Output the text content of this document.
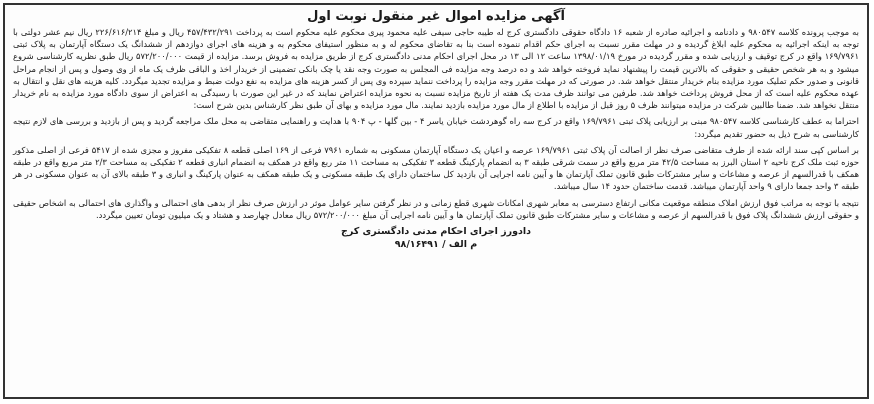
آگهی مزایده اموال غیر منقول نوبت اول

به موجب پرونده کلاسه ۹۸۰۵۴۷ و دادنامه و اجرائیه صادره از شعبه ۱۶ دادگاه حقوقی دادگستری کرج له طیبه حاجی سیفی علیه محمود پیری محکوم علیه محکوم است به پرداخت ۴۵۷/۴۳۲/۲۹۱ ریال و مبلغ ۲۲۶/۶۱۶/۲۱۴ ریال نیم عشر دولتی با توجه به اینکه اجرائیه به محکوم علیه ابلاغ گردیده و در مهلت مقرر نسبت به اجرای حکم اقدام ننموده است بنا به تقاضای محکوم له و به منظور استیفای محکوم به و هزینه های اجرای دوازدهم از ششدانگ یک دستگاه آپارتمان به پلاک ثبتی ۱۶۹/۷۹۶۱ واقع در کرج توقیف و ارزیابی شده و مقرر گردیده در مورخ ۱۳۹۸/۰۱/۱۹ ساعت ۱۲ الی ۱۳ در محل اجرای احکام مدنی دادگستری کرج از طریق مزایده به فروش برسد. مزایده از قیمت ۵۷۲/۲۰۰/۰۰۰ ریال طبق نظریه کارشناسی شروع میشود و به هر شخص حقیقی و حقوقی که بالاترین قیمت را پیشنهاد نماید فروخته خواهد شد و ده درصد وجه مزایده فی المجلس به صورت وجه نقد یا چک بانکی تضمینی از خریدار اخذ و الباقی ظرف یک ماه از وی وصول و پس از انجام مراحل قانونی و صدور حکم تملیک مورد مزایده بنام خریدار منتقل خواهد شد. در صورتی که در مهلت مقرر وجه مزایده را پرداخت ننماید سپرده وی پس از کسر هزینه های مزایده به نفع دولت ضبط و مزایده تجدید میگردد. کلیه هزینه های نقل و انتقال به عهده محکوم علیه است که از محل فروش پرداخت خواهد شد. طرفین می توانند ظرف مدت یک هفته از تاریخ مزایده نسبت به نحوه مزایده اعتراض نمایند که در غیر این صورت با رسیدگی به اعتراض از سوی دادگاه مورد مزایده به نام خریدار منتقل نخواهد شد. ضمنا طالبین شرکت در مزایده میتوانند ظرف ۵ روز قبل از مزایده با اطلاع از مال مورد مزایده بازدید نمایند. مال مورد مزایده و بهای آن طبق نظر کارشناس بدین شرح است:

احتراما به عطف کارشناسی کلاسه ۹۸۰۵۴۷ مبنی بر ارزیابی پلاک ثبتی ۱۶۹/۷۹۶۱ واقع در کرج سه راه گوهردشت خیابان یاسر ۴ - بین گلها - پ ۹۰۴ با هدایت و راهنمایی متقاضی به محل ملک مراجعه گردید و پس از بازدید و بررسی های لازم نتیجه کارشناسی به شرح ذیل به حضور تقدیم میگردد:

بر اساس کپی سند ارائه شده از طرف متقاضی صرف نظر از اصالت آن پلاک ثبتی ۱۶۹/۷۹۶۱ عرصه و اعیان یک دستگاه آپارتمان مسکونی به شماره ۷۹۶۱ فرعی از ۱۶۹ اصلی قطعه ۸ تفکیکی مفروز و مجزی شده از ۵۴۱۷ فرعی از اصلی مذکور حوزه ثبت ملک کرج ناحیه ۲ استان البرز به مساحت ۴۲/۵ متر مربع واقع در سمت شرقی طبقه ۳ به انضمام پارکینگ قطعه ۳ تفکیکی به مساحت ۱۱ متر ربع واقع در همکف به انضمام انباری قطعه ۲ تفکیکی به مساحت ۲/۳ متر مربع واقع در طبقه همکف با قدرالسهم از عرصه و مشاعات و سایر مشترکات طبق قانون تملک آپارتمان ها و آیین نامه اجرایی آن بازدید کل ساختمان دارای یک طبقه مسکونی و یک طبقه همکف به عنوان پارکینگ و انباری و ۳ طبقه بالای آن به عنوان مسکونی در هر طبقه ۳ واحد جمعا دارای ۹ واحد آپارتمان میباشد. قدمت ساختمان حدود ۱۴ سال میباشد.

نتیجه با توجه به مراتب فوق ارزش املاک منطقه موقعیت مکانی ارتفاع دسترسی به معابر شهری امکانات شهری قطع زمانی و در نظر گرفتن سایر عوامل موثر در ارزش صرف نظر از بدهی های احتمالی و واگذاری های احتمالی به اشخاص حقیقی و حقوقی ارزش ششدانگ پلاک فوق با قدرالسهم از عرصه و مشاعات و سایر مشترکات طبق قانون تملک آپارتمان ها و آیین نامه اجرایی آن مبلغ ۵۷۲/۲۰۰/۰۰۰ ریال معادل چهارصد و هشتاد و یک میلیون تومان تعیین میگردد.

دادورز اجرای احکام مدنی دادگستری کرج
م الف / ۹۸/۱۶۴۹۱
